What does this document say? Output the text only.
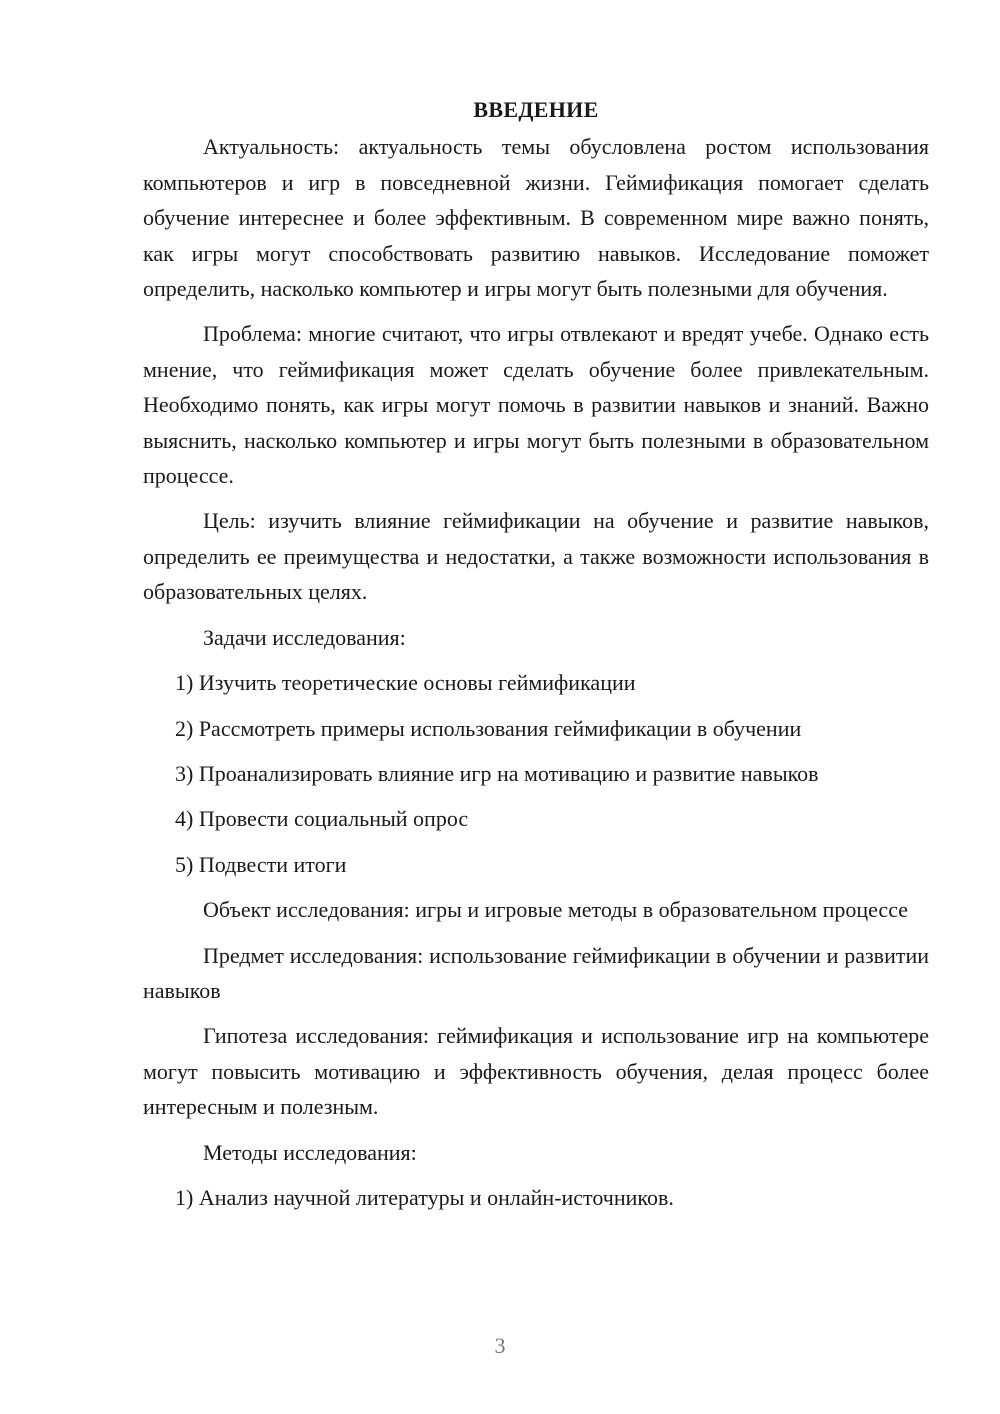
ВВЕДЕНИЕ

Актуальность: актуальность темы обусловлена ростом использования компьютеров и игр в повседневной жизни. Геймификация помогает сделать обучение интереснее и более эффективным. В современном мире важно понять, как игры могут способствовать развитию навыков. Исследование поможет определить, насколько компьютер и игры могут быть полезными для обучения.

Проблема: многие считают, что игры отвлекают и вредят учебе. Однако есть мнение, что геймификация может сделать обучение более привлекательным. Необходимо понять, как игры могут помочь в развитии навыков и знаний. Важно выяснить, насколько компьютер и игры могут быть полезными в образовательном процессе.

Цель: изучить влияние геймификации на обучение и развитие навыков, определить ее преимущества и недостатки, а также возможности использования в образовательных целях.

Задачи исследования:

1) Изучить теоретические основы геймификации

2) Рассмотреть примеры использования геймификации в обучении

3) Проанализировать влияние игр на мотивацию и развитие навыков

4) Провести социальный опрос

5) Подвести итоги

Объект исследования: игры и игровые методы в образовательном процессе

Предмет исследования: использование геймификации в обучении и развитии навыков

Гипотеза исследования: геймификация и использование игр на компьютере могут повысить мотивацию и эффективность обучения, делая процесс более интересным и полезным.

Методы исследования:

1) Анализ научной литературы и онлайн-источников.

3
